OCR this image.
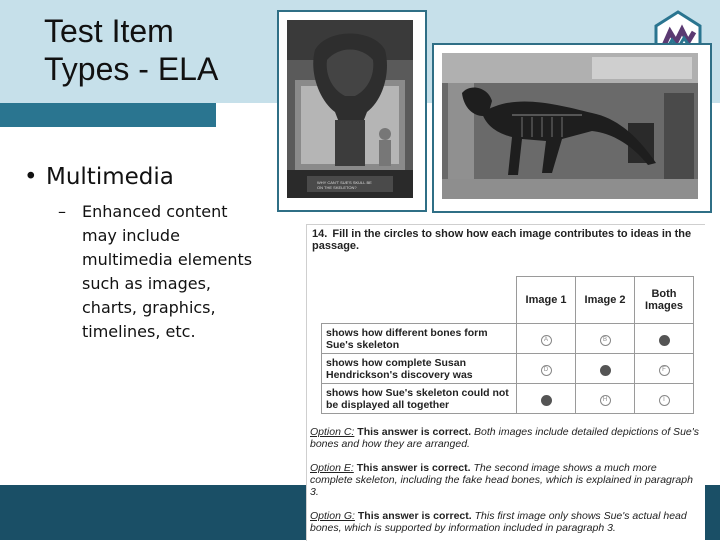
Test Item
Types - ELA
• Multimedia
– Enhanced content
may include
multimedia elements
such as images,
charts, graphics,
timelines, etc.
WHY CAN'T SUE'S SKULL BE
ON THE SKELETON?
14. Fill in the circles to show how each image contributes to ideas in the passage.
	Image 1	Image 2	Both Images
shows how different bones form Sue's skeleton	A	B	C
shows how complete Susan Hendrickson's discovery was	D	E	F
shows how Sue's skeleton could not be displayed all together	G	H	I
Option C: This answer is correct. Both images include detailed depictions of Sue's bones and how they are arranged.
Option E: This answer is correct. The second image shows a much more complete skeleton, including the fake head bones, which is explained in paragraph 3.
Option G: This answer is correct. This first image only shows Sue's actual head bones, which is supported by information included in paragraph 3.
